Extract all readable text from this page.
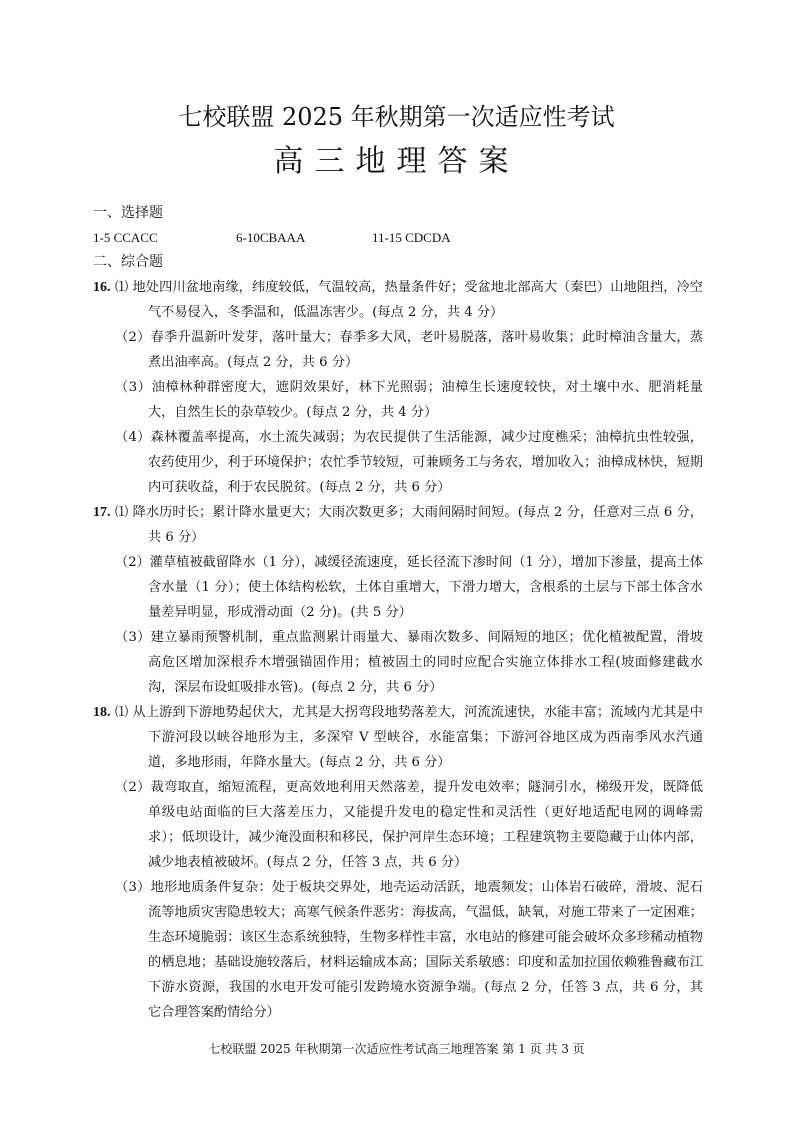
七校联盟 2025 年秋期第一次适应性考试
高三地理答案
一、选择题
1-5 CCACC	6-10CBAAA	11-15 CDCDA
二、综合题
16. ⑴ 地处四川盆地南缘，纬度较低，气温较高，热量条件好；受盆地北部高大（秦巴）山地阻挡，冷空气不易侵入，冬季温和，低温冻害少。(每点 2 分，共 4 分）
（2）春季升温新叶发芽，落叶量大；春季多大风，老叶易脱落，落叶易收集；此时樟油含量大，蒸煮出油率高。(每点 2 分，共 6 分）
（3）油樟林种群密度大，遮阴效果好，林下光照弱；油樟生长速度较快，对土壤中水、肥消耗量大，自然生长的杂草较少。(每点 2 分，共 4 分）
（4）森林覆盖率提高，水土流失减弱；为农民提供了生活能源，减少过度樵采；油樟抗虫性较强，农药使用少，利于环境保护；农忙季节较短，可兼顾务工与务农，增加收入；油樟成林快，短期内可获收益，利于农民脱贫。(每点 2 分，共 6 分）
17. ⑴ 降水历时长；累计降水量更大；大雨次数更多；大雨间隔时间短。(每点 2 分，任意对三点 6 分，共 6 分）
（2）灌草植被截留降水（1 分），减缓径流速度，延长径流下渗时间（1 分），增加下渗量，提高土体含水量（1 分）；使土体结构松软，土体自重增大，下滑力增大，含根系的土层与下部土体含水量差异明显，形成滑动面（2 分)。(共 5 分）
（3）建立暴雨预警机制，重点监测累计雨量大、暴雨次数多、间隔短的地区；优化植被配置，滑坡高危区增加深根乔木增强锚固作用；植被固土的同时应配合实施立体排水工程(坡面修建截水沟，深层布设虹吸排水管)。(每点 2 分，共 6 分）
18. ⑴ 从上游到下游地势起伏大，尤其是大拐弯段地势落差大，河流流速快，水能丰富；流域内尤其是中下游河段以峡谷地形为主，多深窄 V 型峡谷，水能富集；下游河谷地区成为西南季风水汽通道，多地形雨，年降水量大。(每点 2 分，共 6 分）
（2）裁弯取直，缩短流程，更高效地利用天然落差，提升发电效率；隧洞引水，梯级开发，既降低单级电站面临的巨大落差压力，又能提升发电的稳定性和灵活性（更好地适配电网的调峰需求）；低坝设计，减少淹没面积和移民，保护河岸生态环境；工程建筑物主要隐藏于山体内部，减少地表植被破坏。(每点 2 分，任答 3 点，共 6 分）
（3）地形地质条件复杂：处于板块交界处，地壳运动活跃，地震频发；山体岩石破碎，滑坡、泥石流等地质灾害隐患较大；高寒气候条件恶劣：海拔高，气温低，缺氧，对施工带来了一定困难；生态环境脆弱：该区生态系统独特，生物多样性丰富，水电站的修建可能会破坏众多珍稀动植物的栖息地；基础设施较落后，材料运输成本高；国际关系敏感：印度和孟加拉国依赖雅鲁藏布江下游水资源，我国的水电开发可能引发跨境水资源争端。(每点 2 分，任答 3 点，共 6 分，其它合理答案酌情给分）
七校联盟 2025 年秋期第一次适应性考试高三地理答案 第 1 页 共 3 页
